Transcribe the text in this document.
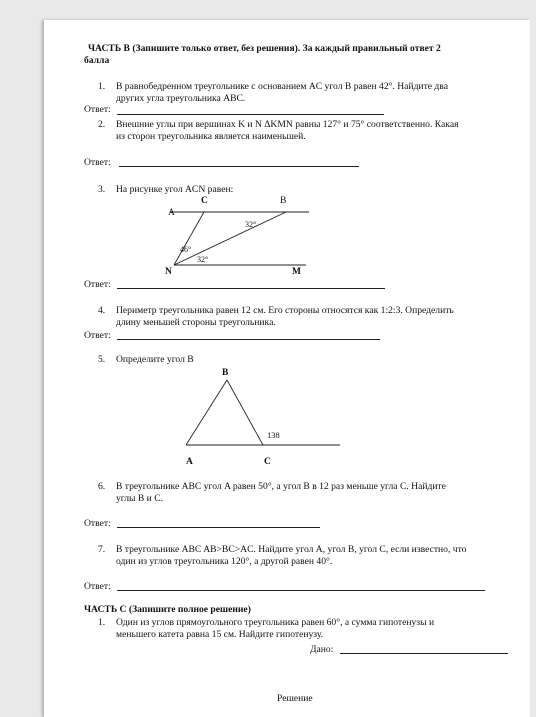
ЧАСТЬ В (Запишите только ответ, без решения). За каждый правильный ответ 2
балла
1. В равнобедренном треугольнике с основанием AC угол B равен 42°. Найдите два
других угла треугольника ABC.
Ответ:
2. Внешние углы при вершинах K и N ΔKMN равны 127° и 75° соответственно. Какая
из сторон треугольника является наименьшей.
Ответ:
3. На рисунке угол ACN равен:
A
C	B
N	M
32°
46°
32°
Ответ:
4. Периметр треугольника равен 12 см. Его стороны относятся как 1:2:3. Определить
длину меньшей стороны треугольника.
Ответ:
5. Определите угол B
B
A	C
138
6. В треугольнике ABC угол A равен 50°, а угол B в 12 раз меньше угла C. Найдите
углы В и С.
Ответ:
7. В треугольнике ABC AB>BC>AC. Найдите угол A, угол B, угол C, если известно, что
один из углов треугольника 120°, а другой равен 40°.
Ответ:
ЧАСТЬ С (Запишите полное решение)
1. Один из углов прямоугольного треугольника равен 60°, а сумма гипотенузы и
меньшего катета равна 15 см. Найдите гипотенузу.
Дано:
Решение
